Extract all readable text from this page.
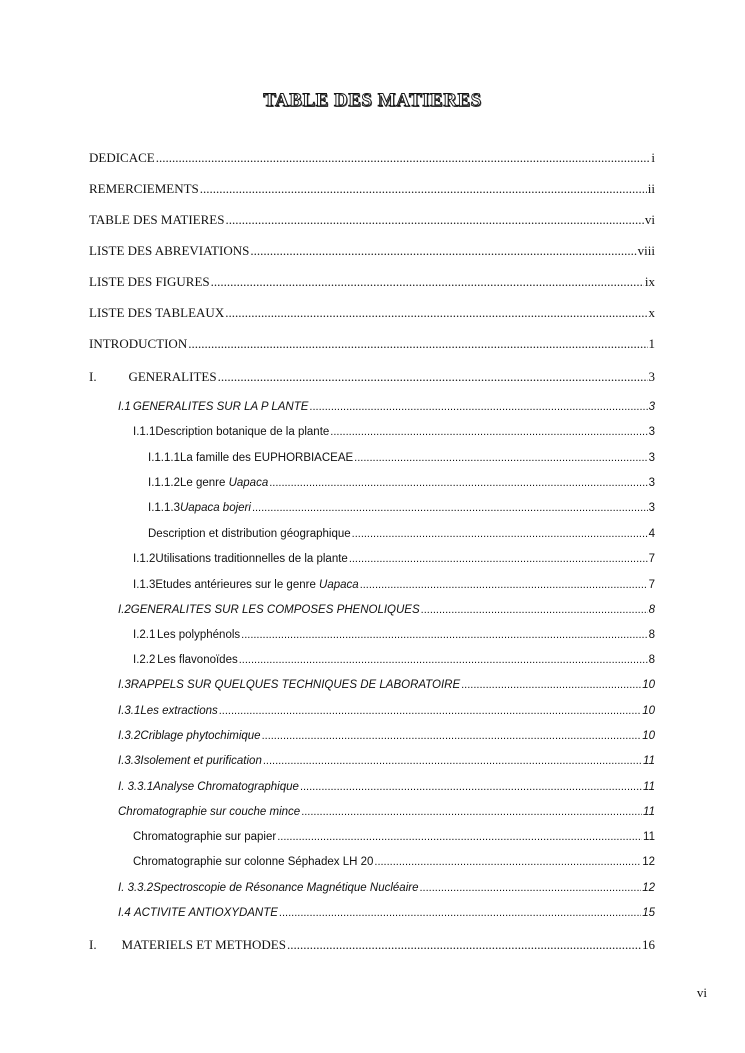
TABLE DES MATIERES
DEDICACE .....	i
REMERCIEMENTS .....	ii
TABLE DES MATIERES .....	vi
LISTE DES ABREVIATIONS .....	viii
LISTE DES FIGURES .....	ix
LISTE DES TABLEAUX .....	x
INTRODUCTION .....	1
I.	GENERALITES .....	3
I.1 GENERALITES SUR LA P LANTE .....	3
I.1.1 Description botanique de la plante .....	3
I.1.1.1 La famille des EUPHORBIACEAE .....	3
I.1.1.2 Le genre Uapaca .....	3
I.1.1.3 Uapaca bojeri .....	3
Description et distribution géographique .....	4
I.1.2 Utilisations traditionnelles de la plante .....	7
I.1.3 Etudes antérieures sur le genre Uapaca .....	7
I.2 GENERALITES SUR LES COMPOSES PHENOLIQUES .....	8
I.2.1 Les polyphénols .....	8
I.2.2 Les flavonoïdes .....	8
I.3 RAPPELS SUR QUELQUES TECHNIQUES DE LABORATOIRE .....	10
I.3.1 Les extractions .....	10
I.3.2 Criblage phytochimique .....	10
I.3.3 Isolement et purification .....	11
I. 3.3.1 Analyse Chromatographique .....	11
Chromatographie sur couche mince .....	11
Chromatographie sur papier .....	11
Chromatographie sur colonne Séphadex LH 20 .....	12
I. 3.3.2 Spectroscopie de Résonance Magnétique Nucléaire .....	12
I.4 ACTIVITE ANTIOXYDANTE .....	15
I.	MATERIELS ET METHODES .....	16
vi
